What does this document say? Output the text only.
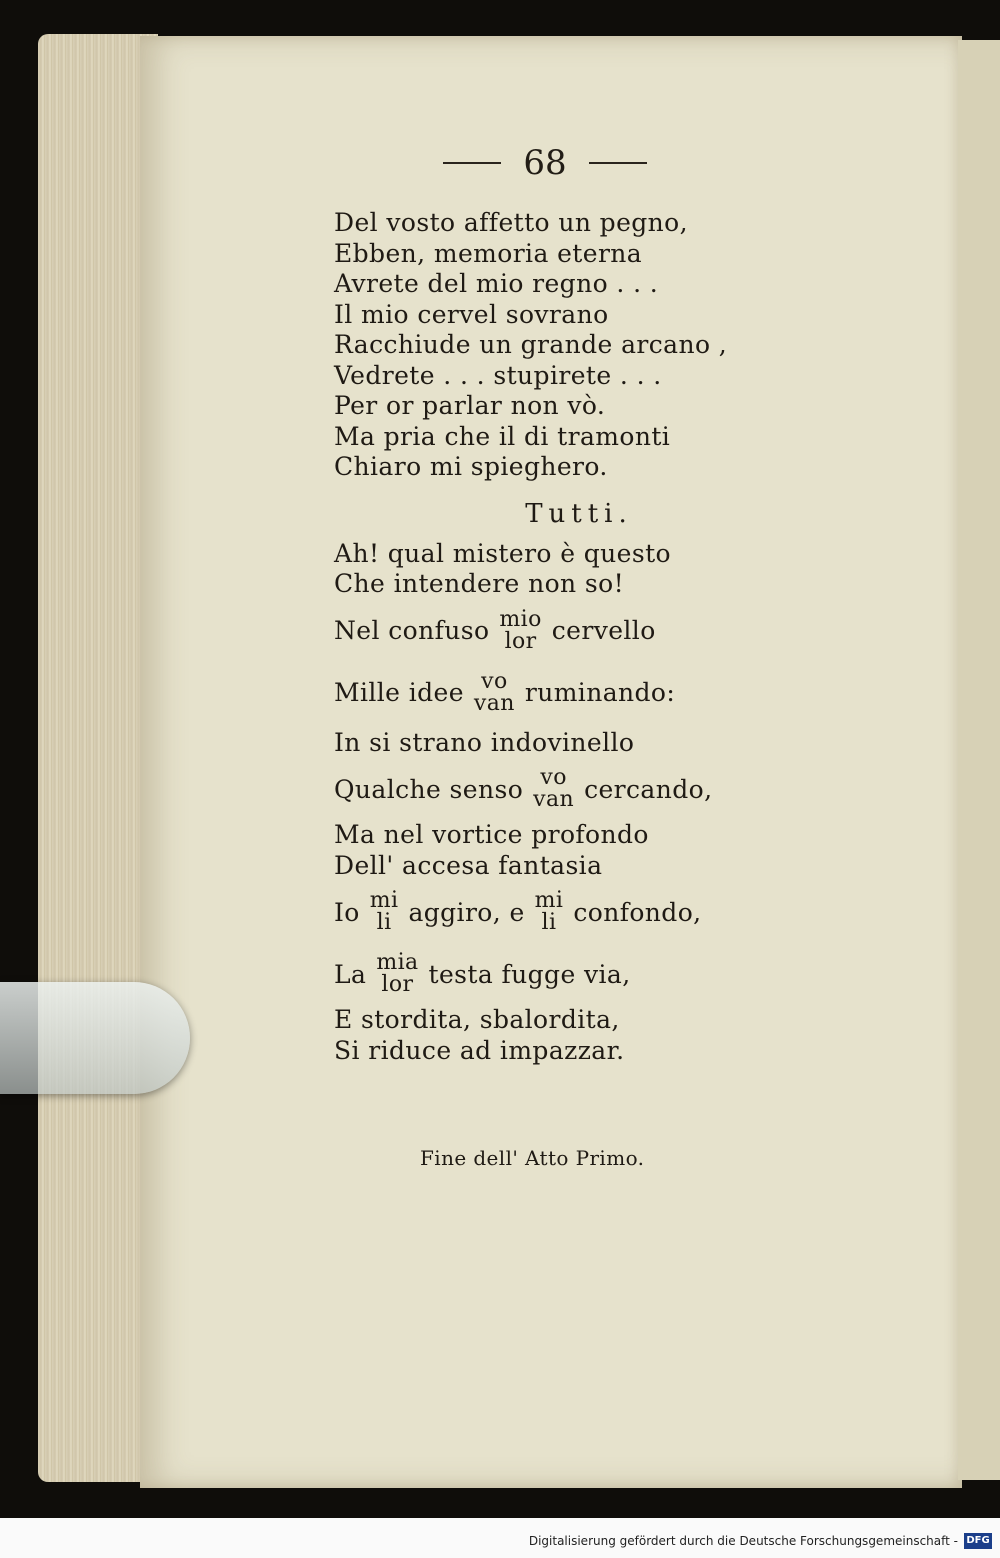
68
Del vosto affetto un pegno,
Ebben, memoria eterna
Avrete del mio regno . . .
Il mio cervel sovrano
Racchiude un grande arcano ,
Vedrete . . . stupirete . . .
Per or parlar non vò.
Ma pria che il di tramonti
Chiaro mi spieghero.
Tutti.
Ah! qual mistero è questo
Che intendere non so!
Nel confuso mio
lor cervello
Mille idee vo
van ruminando:
In si strano indovinello
Qualche senso vo
van cercando,
Ma nel vortice profondo
Dell' accesa fantasia
Io mi
li aggiro, e mi
li confondo,
La mia
lor testa fugge via,
E stordita, sbalordita,
Si riduce ad impazzar.
Fine dell' Atto Primo.
Digitalisierung gefördert durch die Deutsche Forschungsgemeinschaft - DFG
